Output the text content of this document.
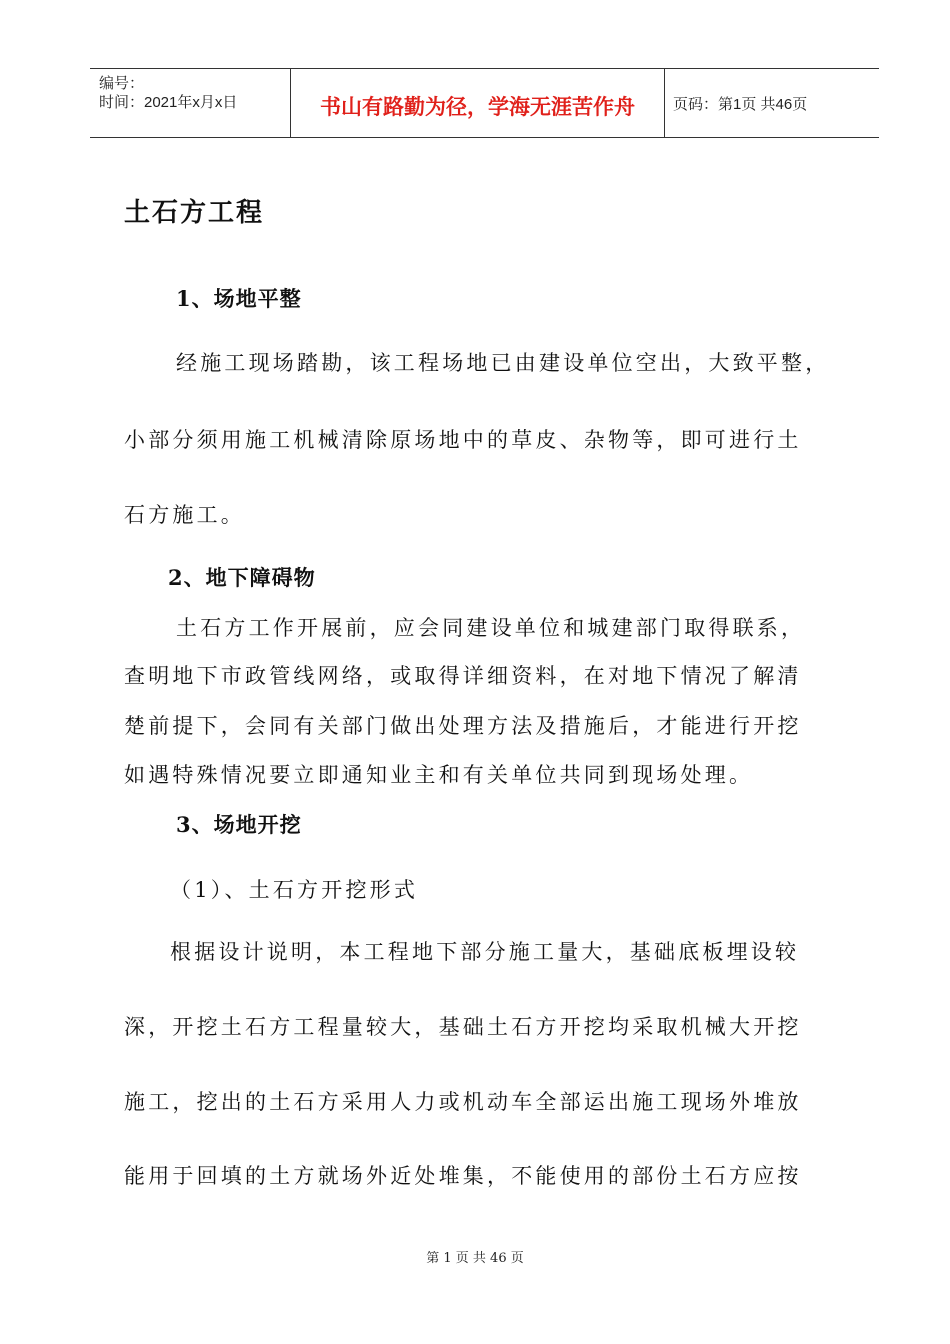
编号：
时间：2021年x月x日	书山有路勤为径，学海无涯苦作舟	页码：第1页 共46页
土石方工程
1、场地平整
经施工现场踏勘，该工程场地已由建设单位空出，大致平整，
小部分须用施工机械清除原场地中的草皮、杂物等，即可进行土
石方施工。
2、地下障碍物
土石方工作开展前，应会同建设单位和城建部门取得联系，
查明地下市政管线网络，或取得详细资料，在对地下情况了解清
楚前提下，会同有关部门做出处理方法及措施后，才能进行开挖
如遇特殊情况要立即通知业主和有关单位共同到现场处理。
3、场地开挖
（1）、土石方开挖形式
根据设计说明，本工程地下部分施工量大，基础底板埋设较
深，开挖土石方工程量较大，基础土石方开挖均采取机械大开挖
施工，挖出的土石方采用人力或机动车全部运出施工现场外堆放
能用于回填的土方就场外近处堆集，不能使用的部份土石方应按
第 1 页 共 46 页
